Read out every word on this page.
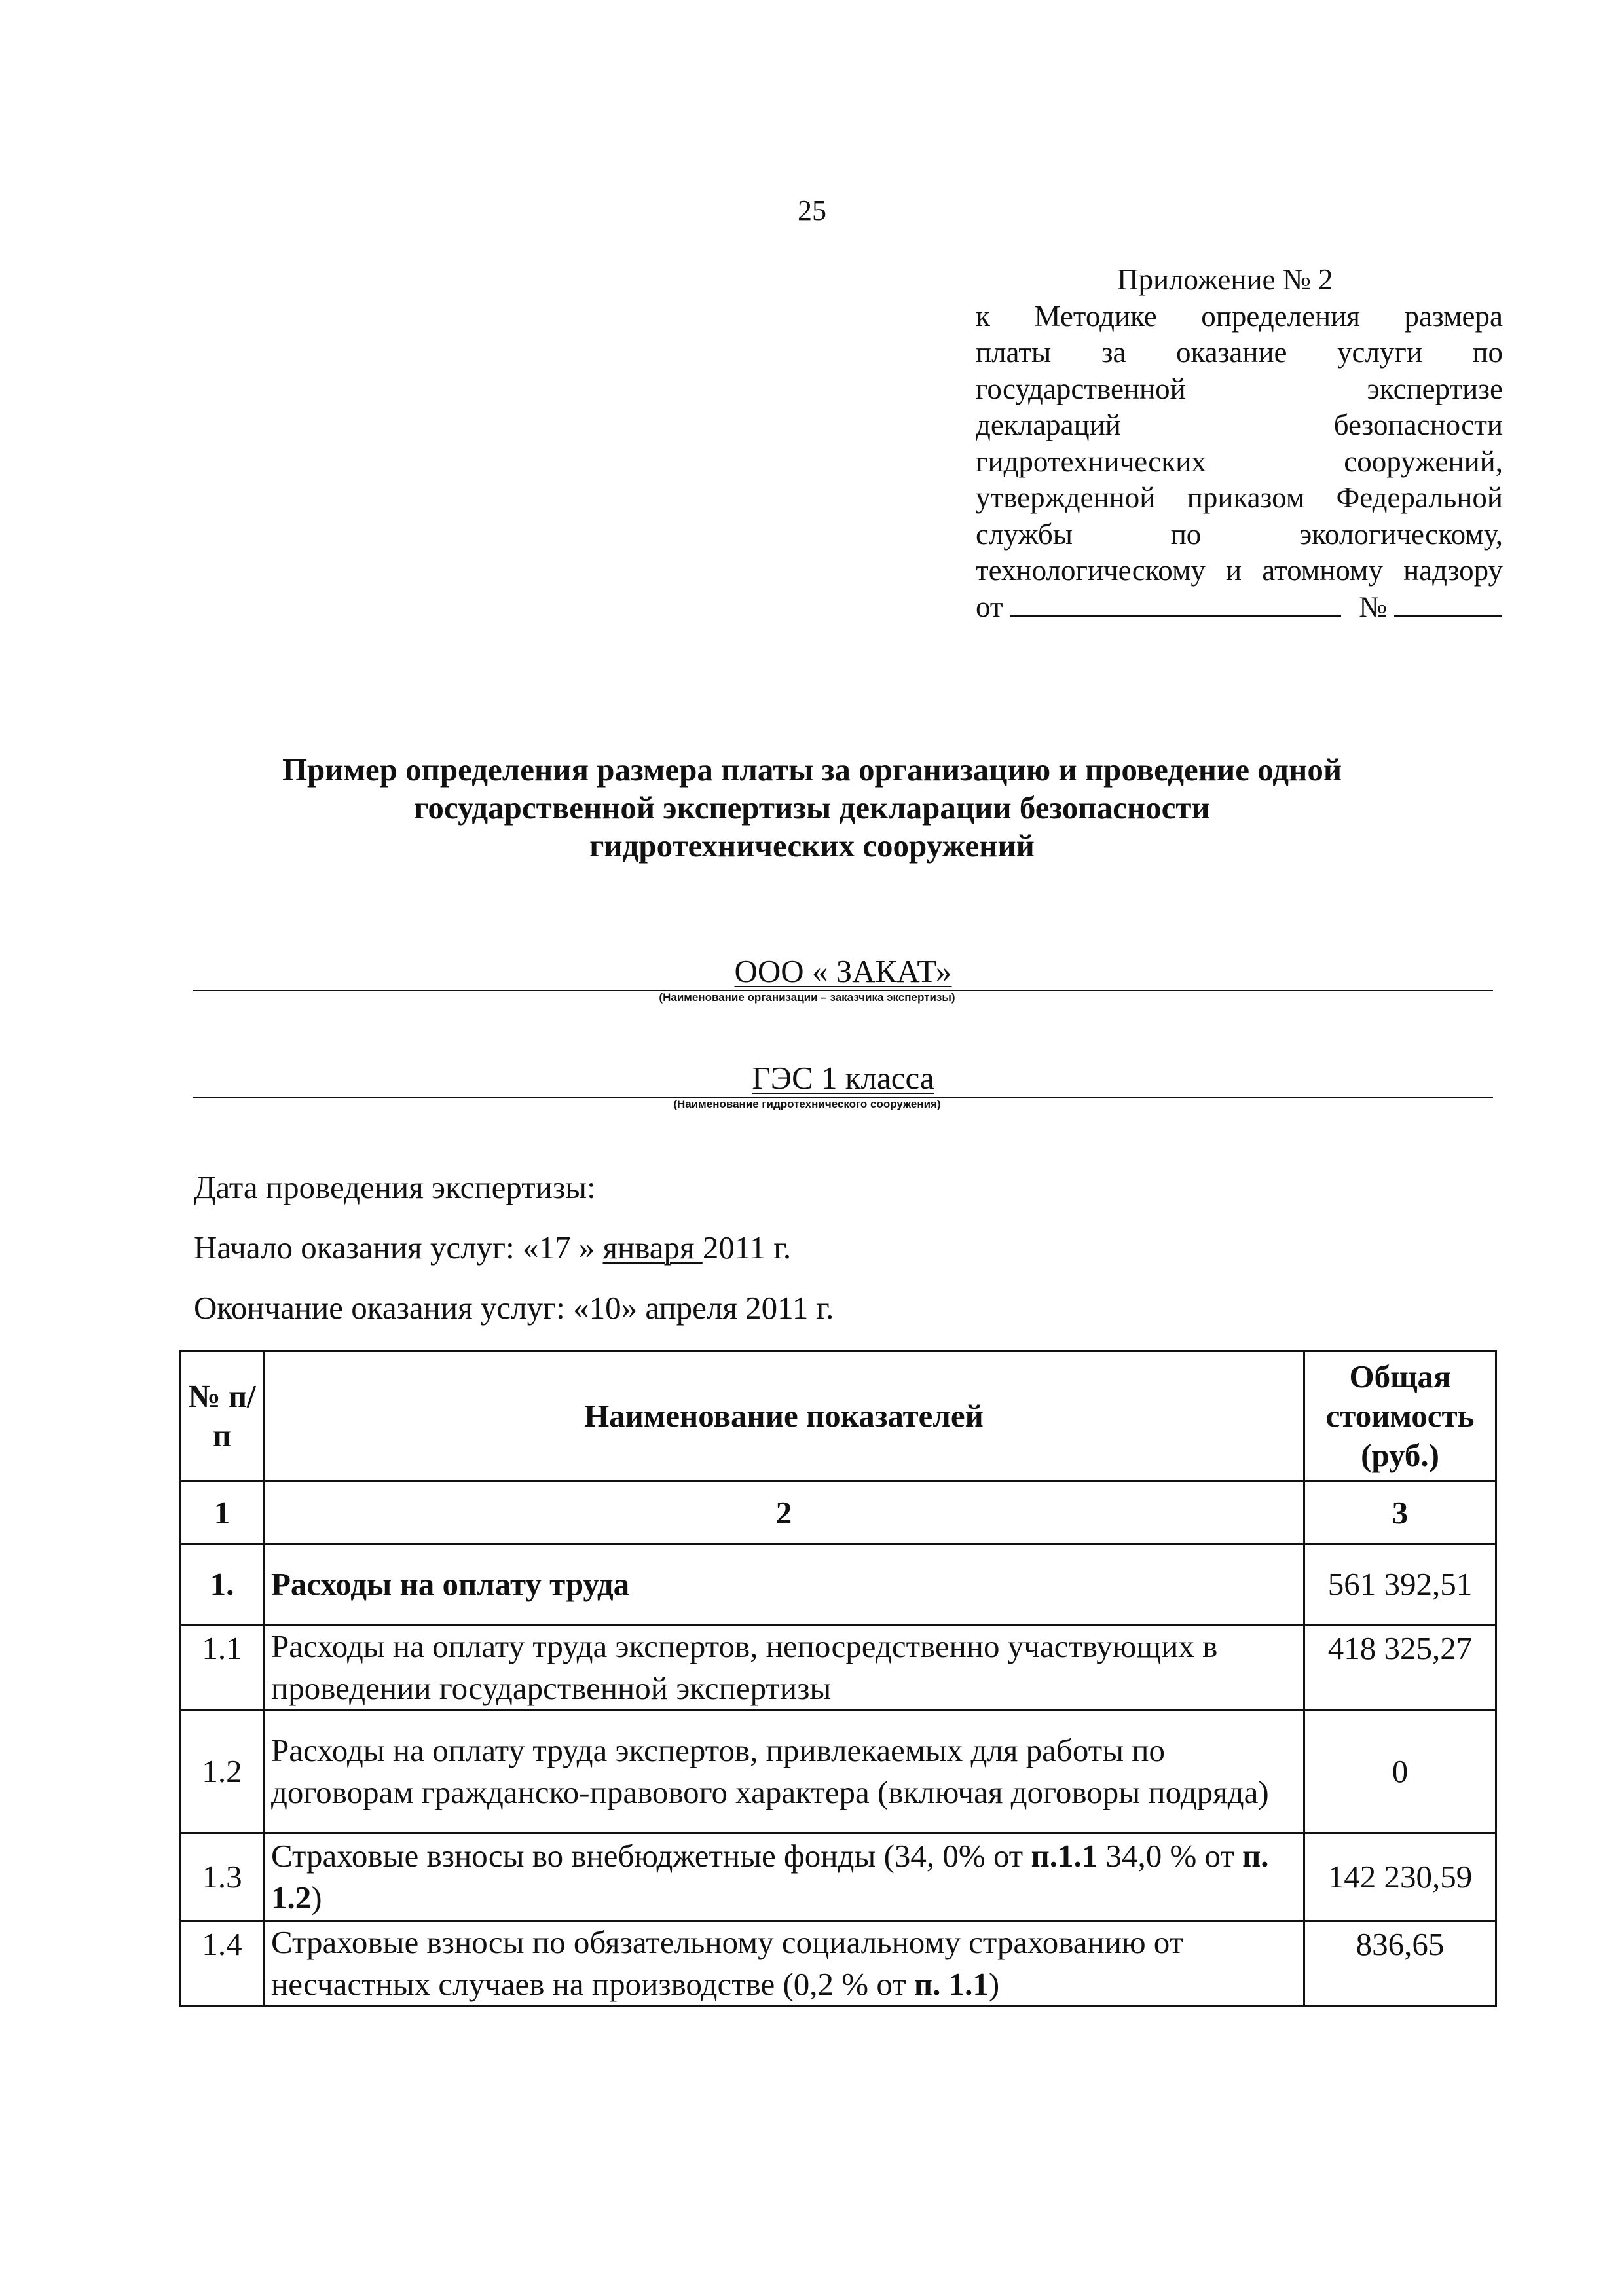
25
Приложение № 2
к Методике определения размера
платы за оказание услуги по
государственной экспертизе
деклараций безопасности
гидротехнических сооружений,
утвержденной приказом Федеральной
службы по экологическому,
технологическому и атомному надзору
от	№
Пример определения размера платы за организацию и проведение одной
государственной экспертизы декларации безопасности
гидротехнических сооружений
ООО « ЗАКАТ»
(Наименование организации – заказчика экспертизы)
ГЭС 1 класса
(Наименование гидротехнического сооружения)
Дата проведения экспертизы:
Начало оказания услуг: «17 » января 2011 г.
Окончание оказания услуг: «10» апреля 2011 г.
№ п/п	Наименование показателей	Общая стоимость (руб.)
1	2	3
1.	Расходы на оплату труда	561 392,51
1.1	Расходы на оплату труда экспертов, непосредственно участвующих в проведении государственной экспертизы	418 325,27
1.2	Расходы на оплату труда экспертов, привлекаемых для работы по договорам гражданско-правового характера (включая договоры подряда)	0
1.3	Страховые взносы во внебюджетные фонды (34, 0% от п.1.1 34,0 % от п. 1.2)	142 230,59
1.4	Страховые взносы по обязательному социальному страхованию от несчастных случаев на производстве (0,2 % от п. 1.1)	836,65
